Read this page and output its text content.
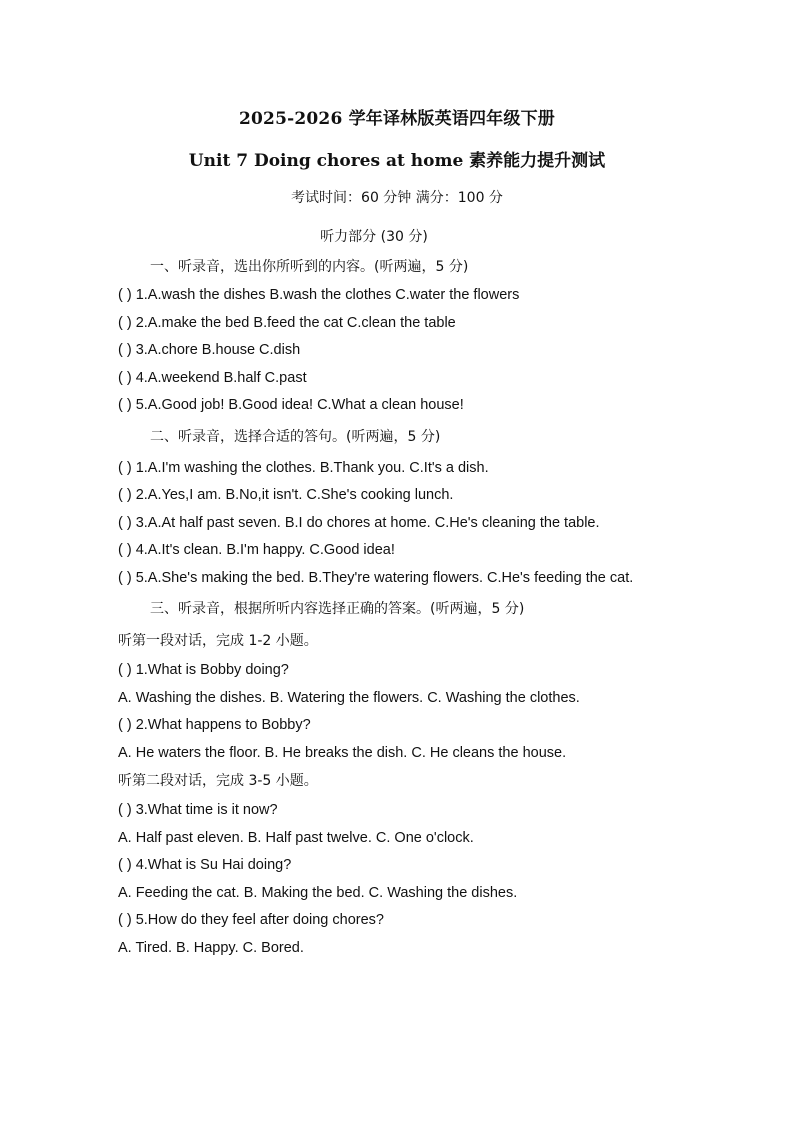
2025-2026 学年译林版英语四年级下册
Unit 7 Doing chores at home 素养能力提升测试
考试时间：60 分钟 满分：100 分
听力部分 (30 分)
一、听录音，选出你所听到的内容。(听两遍，5 分)
( ) 1.A.wash the dishes B.wash the clothes C.water the flowers
( ) 2.A.make the bed B.feed the cat C.clean the table
( ) 3.A.chore B.house C.dish
( ) 4.A.weekend B.half C.past
( ) 5.A.Good job! B.Good idea! C.What a clean house!
二、听录音，选择合适的答句。(听两遍，5 分)
( ) 1.A.I'm washing the clothes. B.Thank you. C.It's a dish.
( ) 2.A.Yes,I am. B.No,it isn't. C.She's cooking lunch.
( ) 3.A.At half past seven. B.I do chores at home. C.He's cleaning the table.
( ) 4.A.It's clean. B.I'm happy. C.Good idea!
( ) 5.A.She's making the bed. B.They're watering flowers. C.He's feeding the cat.
三、听录音，根据所听内容选择正确的答案。(听两遍，5 分)
听第一段对话，完成 1-2 小题。
( ) 1.What is Bobby doing?
A. Washing the dishes. B. Watering the flowers. C. Washing the clothes.
( ) 2.What happens to Bobby?
A. He waters the floor. B. He breaks the dish. C. He cleans the house.
听第二段对话，完成 3-5 小题。
( ) 3.What time is it now?
A. Half past eleven. B. Half past twelve. C. One o'clock.
( ) 4.What is Su Hai doing?
A. Feeding the cat. B. Making the bed. C. Washing the dishes.
( ) 5.How do they feel after doing chores?
A. Tired. B. Happy. C. Bored.
